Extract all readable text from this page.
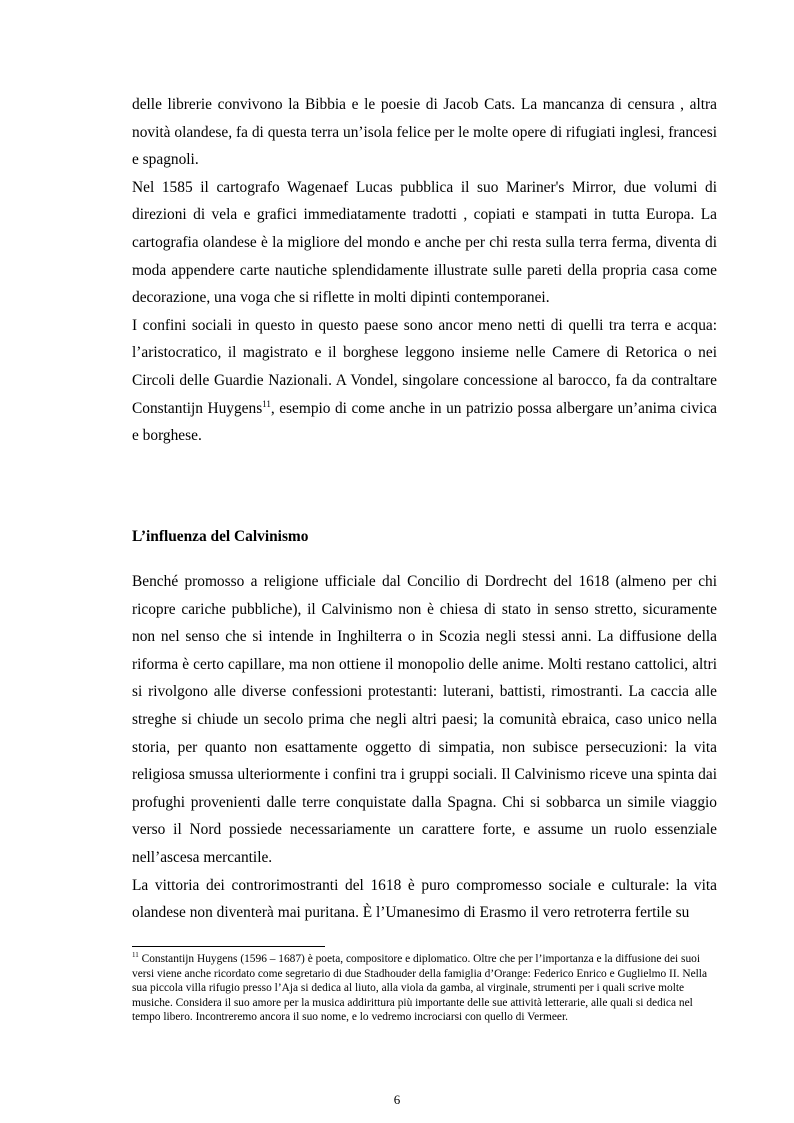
delle librerie convivono la Bibbia e le poesie di Jacob Cats. La mancanza di censura , altra novità olandese, fa di questa terra un’isola felice per le molte opere di rifugiati inglesi, francesi e spagnoli.

Nel 1585 il cartografo Wagenaef Lucas pubblica il suo Mariner's Mirror, due volumi di direzioni di vela e grafici immediatamente tradotti , copiati e stampati in tutta Europa. La cartografia olandese è la migliore del mondo e anche per chi resta sulla terra ferma, diventa di moda appendere carte nautiche splendidamente illustrate sulle pareti della propria casa come decorazione, una voga che si riflette in molti dipinti contemporanei.

I confini sociali in questo in questo paese sono ancor meno netti di quelli tra terra e acqua: l’aristocratico, il magistrato e il borghese leggono insieme nelle Camere di Retorica o nei Circoli delle Guardie Nazionali. A Vondel, singolare concessione al barocco, fa da contraltare Constantijn Huygens$^{11}$, esempio di come anche in un patrizio possa albergare un’anima civica e borghese.

L’influenza del Calvinismo

Benché promosso a religione ufficiale dal Concilio di Dordrecht del 1618 (almeno per chi ricopre cariche pubbliche), il Calvinismo non è chiesa di stato in senso stretto, sicuramente non nel senso che si intende in Inghilterra o in Scozia negli stessi anni. La diffusione della riforma è certo capillare, ma non ottiene il monopolio delle anime. Molti restano cattolici, altri si rivolgono alle diverse confessioni protestanti: luterani, battisti, rimostranti. La caccia alle streghe si chiude un secolo prima che negli altri paesi; la comunità ebraica, caso unico nella storia, per quanto non esattamente oggetto di simpatia, non subisce persecuzioni: la vita religiosa smussa ulteriormente i confini tra i gruppi sociali. Il Calvinismo riceve una spinta dai profughi provenienti dalle terre conquistate dalla Spagna. Chi si sobbarca un simile viaggio verso il Nord possiede necessariamente un carattere forte, e assume un ruolo essenziale nell’ascesa mercantile.

La vittoria dei controrimostranti del 1618 è puro compromesso sociale e culturale: la vita olandese non diventerà mai puritana. È l’Umanesimo di Erasmo il vero retroterra fertile su

$^{11}$ Constantijn Huygens (1596 – 1687) è poeta, compositore e diplomatico. Oltre che per l’importanza e la diffusione dei suoi versi viene anche ricordato come segretario di due Stadhouder della famiglia d’Orange: Federico Enrico e Guglielmo II. Nella sua piccola villa rifugio presso l’Aja si dedica al liuto, alla viola da gamba, al virginale, strumenti per i quali scrive molte musiche. Considera il suo amore per la musica addirittura più importante delle sue attività letterarie, alle quali si dedica nel tempo libero. Incontreremo ancora il suo nome, e lo vedremo incrociarsi con quello di Vermeer.
6
